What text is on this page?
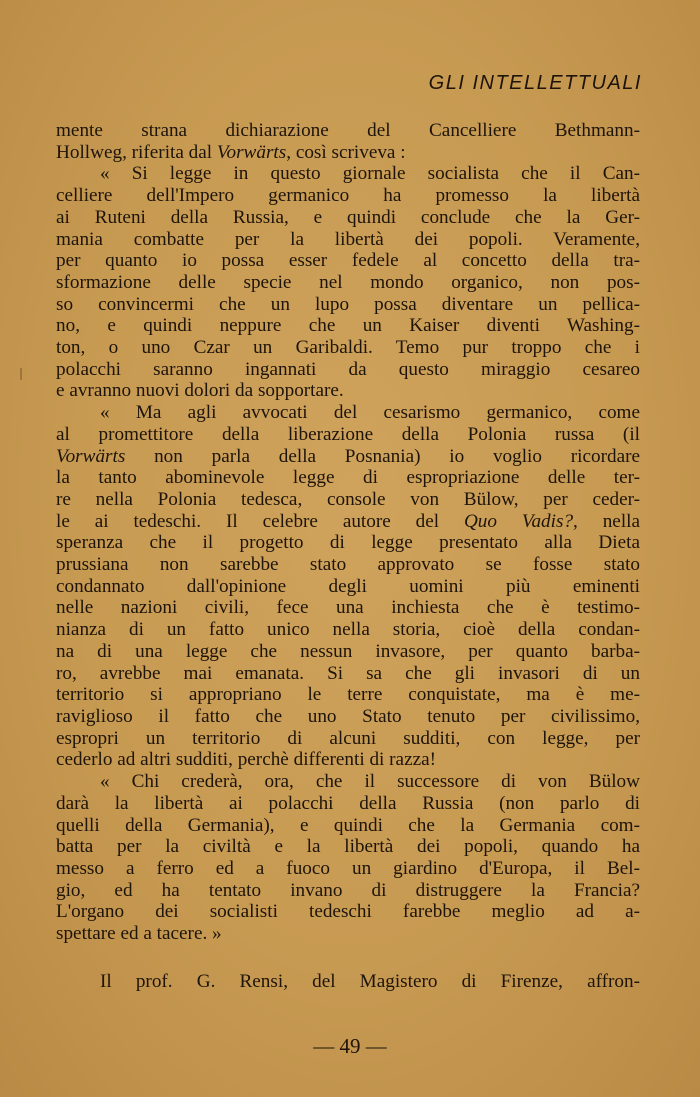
GLI INTELLETTUALI

mente strana dichiarazione del Cancelliere Bethmann-

Hollweg, riferita dal Vorwärts, così scriveva :

« Si legge in questo giornale socialista che il Can-

celliere dell'Impero germanico ha promesso la libertà

ai Ruteni della Russia, e quindi conclude che la Ger-

mania combatte per la libertà dei popoli. Veramente,

per quanto io possa esser fedele al concetto della tra-

sformazione delle specie nel mondo organico, non pos-

so convincermi che un lupo possa diventare un pellica-

no, e quindi neppure che un Kaiser diventi Washing-

ton, o uno Czar un Garibaldi. Temo pur troppo che i

polacchi saranno ingannati da questo miraggio cesareo

e avranno nuovi dolori da sopportare.

« Ma agli avvocati del cesarismo germanico, come

al promettitore della liberazione della Polonia russa (il

Vorwärts non parla della Posnania) io voglio ricordare

la tanto abominevole legge di espropriazione delle ter-

re nella Polonia tedesca, console von Bülow, per ceder-

le ai tedeschi. Il celebre autore del Quo Vadis?, nella

speranza che il progetto di legge presentato alla Dieta

prussiana non sarebbe stato approvato se fosse stato

condannato dall'opinione degli uomini più eminenti

nelle nazioni civili, fece una inchiesta che è testimo-

nianza di un fatto unico nella storia, cioè della condan-

na di una legge che nessun invasore, per quanto barba-

ro, avrebbe mai emanata. Si sa che gli invasori di un

territorio si appropriano le terre conquistate, ma è me-

raviglioso il fatto che uno Stato tenuto per civilissimo,

espropri un territorio di alcuni sudditi, con legge, per

cederlo ad altri sudditi, perchè differenti di razza!

« Chi crederà, ora, che il successore di von Bülow

darà la libertà ai polacchi della Russia (non parlo di

quelli della Germania), e quindi che la Germania com-

batta per la civiltà e la libertà dei popoli, quando ha

messo a ferro ed a fuoco un giardino d'Europa, il Bel-

gio, ed ha tentato invano di distruggere la Francia?

L'organo dei socialisti tedeschi farebbe meglio ad a-

spettare ed a tacere. »

Il prof. G. Rensi, del Magistero di Firenze, affron-

— 49 —
